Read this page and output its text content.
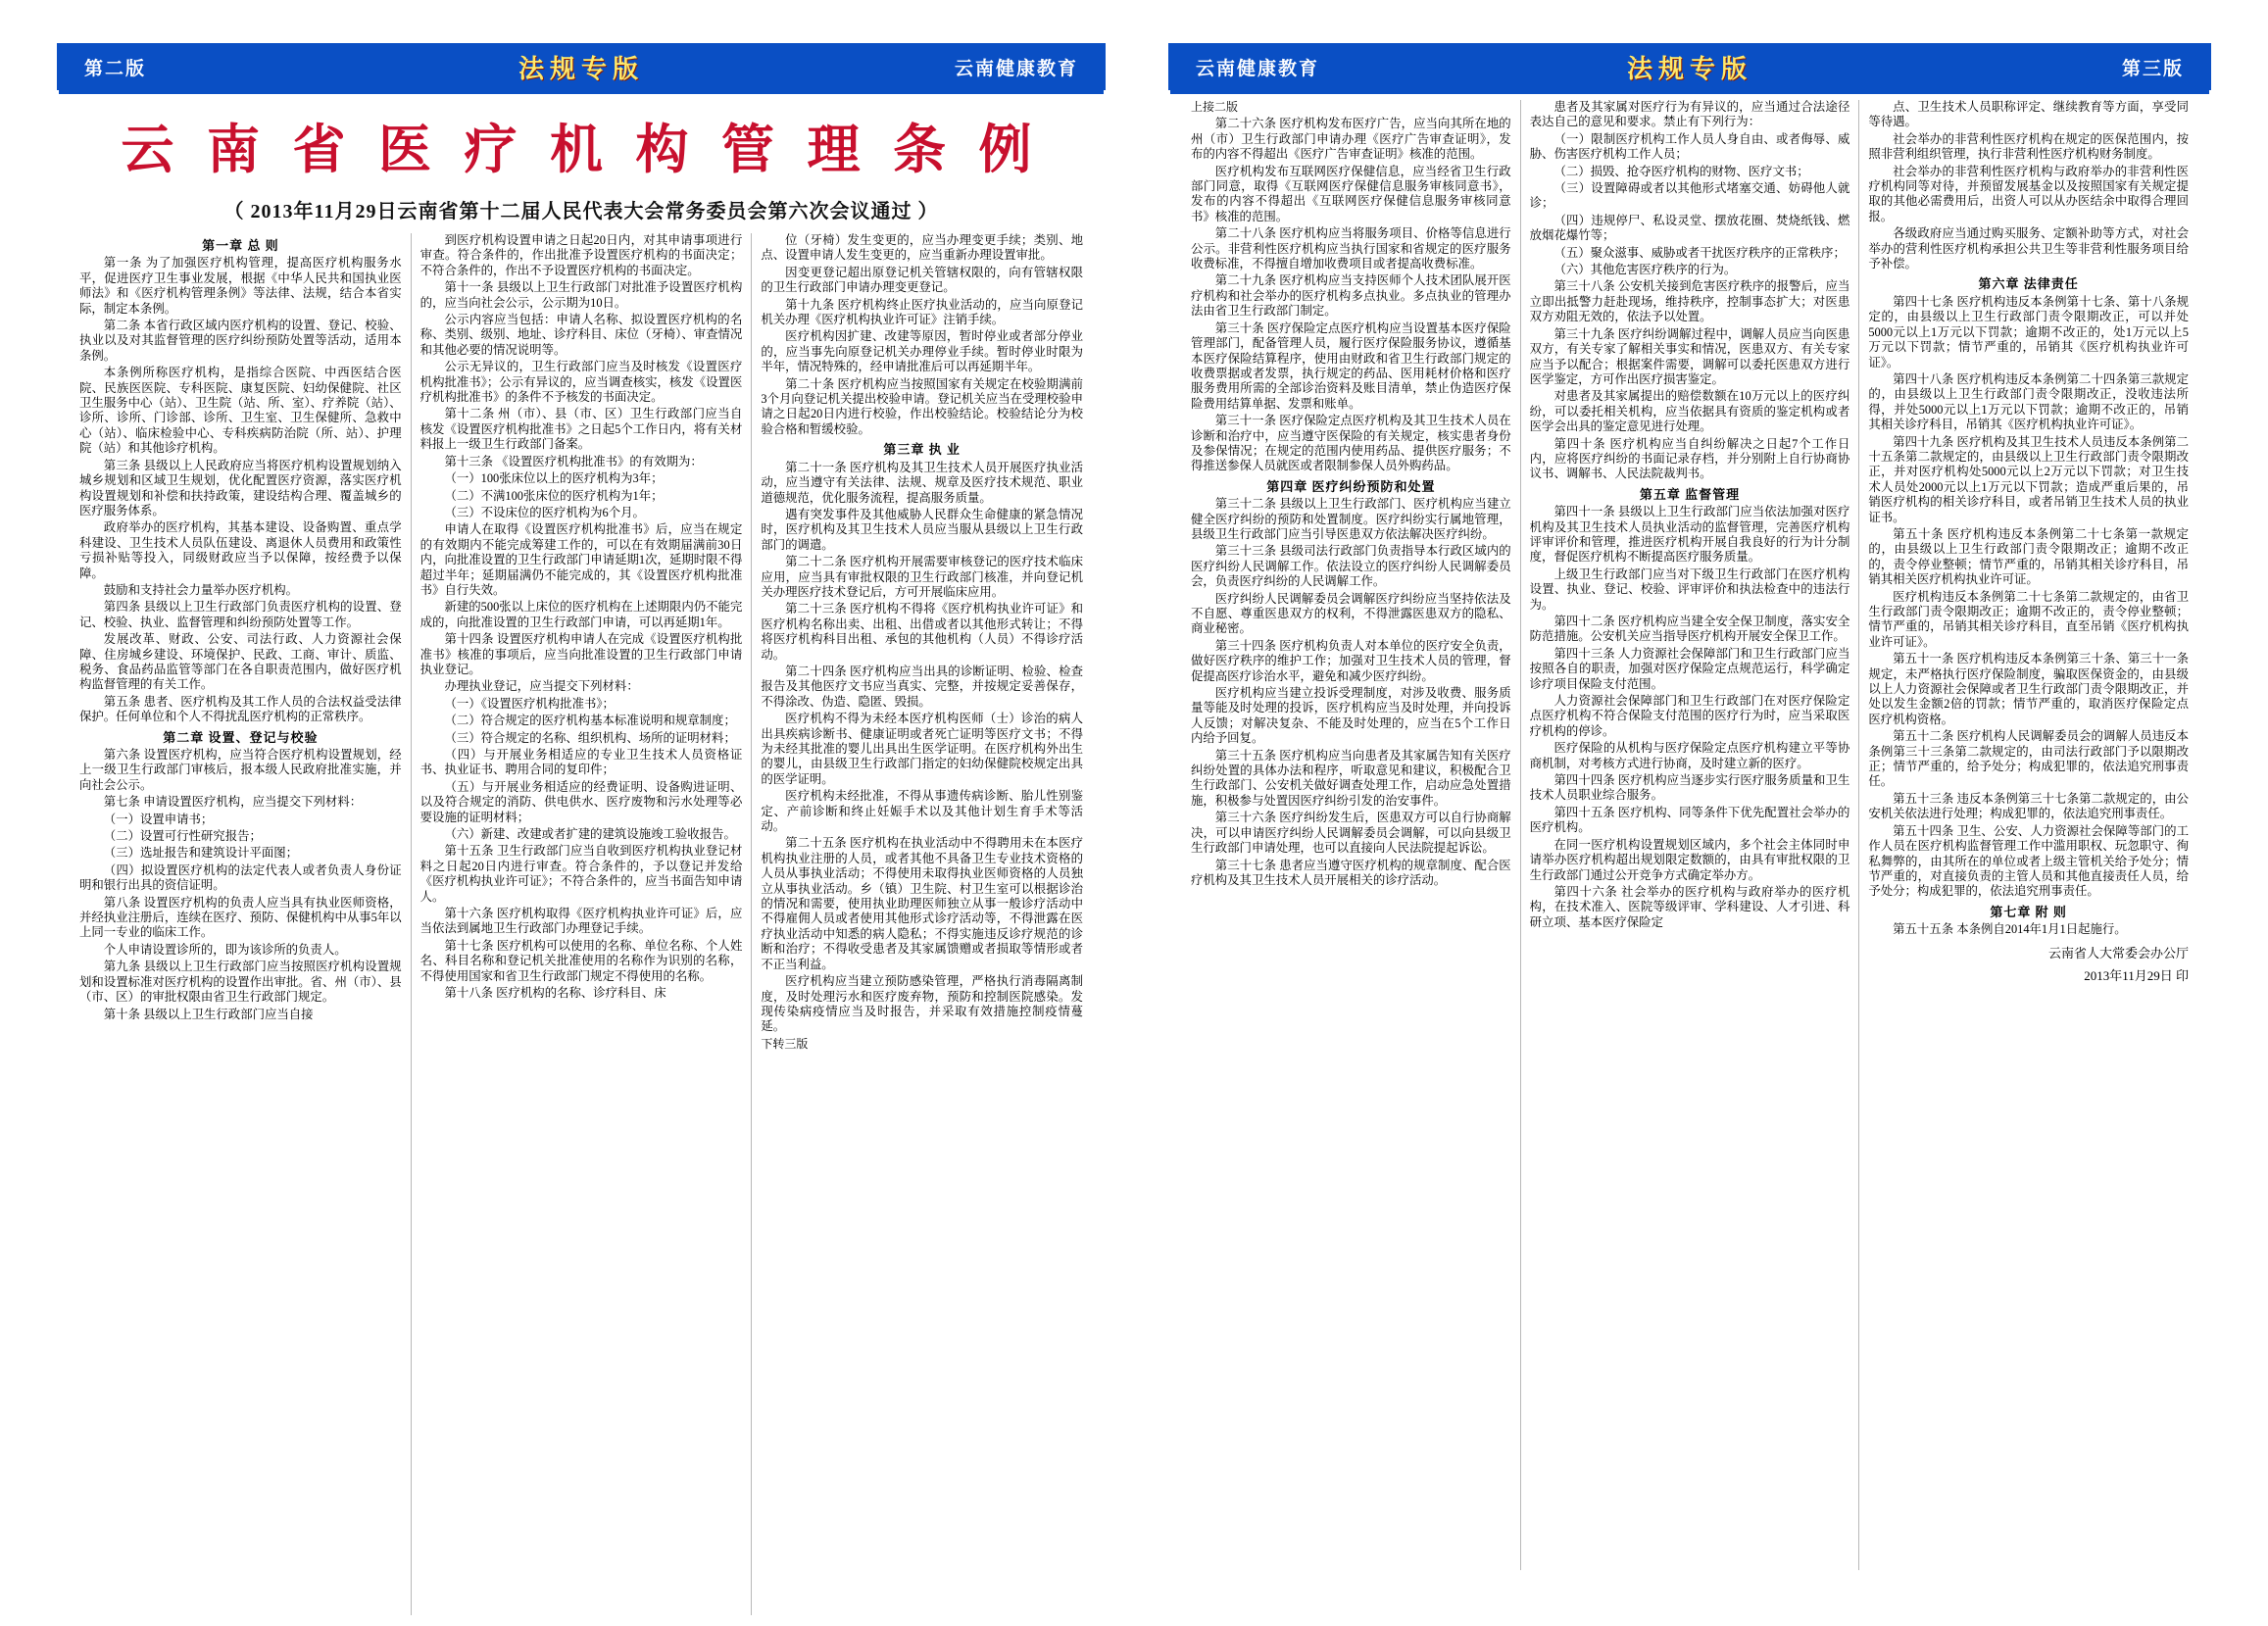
第二版	法规专版	云南健康教育
云 南 省 医 疗 机 构 管 理 条 例
（ 2013年11月29日云南省第十二届人民代表大会常务委员会第六次会议通过 ）

第一章 总 则

第一条 为了加强医疗机构管理，提高医疗机构服务水平，促进医疗卫生事业发展，根据《中华人民共和国执业医师法》和《医疗机构管理条例》等法律、法规，结合本省实际，制定本条例。

第二条 本省行政区域内医疗机构的设置、登记、校验、执业以及对其监督管理的医疗纠纷预防处置等活动，适用本条例。

本条例所称医疗机构，是指综合医院、中西医结合医院、民族医医院、专科医院、康复医院、妇幼保健院、社区卫生服务中心（站）、卫生院（站、所、室）、疗养院（站）、诊所、诊所、门诊部、诊所、卫生室、卫生保健所、急救中心（站）、临床检验中心、专科疾病防治院（所、站）、护理院（站）和其他诊疗机构。

第三条 县级以上人民政府应当将医疗机构设置规划纳入城乡规划和区域卫生规划，优化配置医疗资源，落实医疗机构设置规划和补偿和扶持政策，建设结构合理、覆盖城乡的医疗服务体系。

政府举办的医疗机构，其基本建设、设备购置、重点学科建设、卫生技术人员队伍建设、离退休人员费用和政策性亏损补贴等投入，同级财政应当予以保障，按经费予以保障。

鼓励和支持社会力量举办医疗机构。

第四条 县级以上卫生行政部门负责医疗机构的设置、登记、校验、执业、监督管理和纠纷预防处置等工作。

发展改革、财政、公安、司法行政、人力资源社会保障、住房城乡建设、环境保护、民政、工商、审计、质监、税务、食品药品监管等部门在各自职责范围内，做好医疗机构监督管理的有关工作。

第五条 患者、医疗机构及其工作人员的合法权益受法律保护。任何单位和个人不得扰乱医疗机构的正常秩序。

第二章 设置、登记与校验

第六条 设置医疗机构，应当符合医疗机构设置规划，经上一级卫生行政部门审核后，报本级人民政府批准实施，并向社会公示。

第七条 申请设置医疗机构，应当提交下列材料：

（一）设置申请书；

（二）设置可行性研究报告；

（三）选址报告和建筑设计平面图；

（四）拟设置医疗机构的法定代表人或者负责人身份证明和银行出具的资信证明。

第八条 设置医疗机构的负责人应当具有执业医师资格，并经执业注册后，连续在医疗、预防、保健机构中从事5年以上同一专业的临床工作。

个人申请设置诊所的，即为该诊所的负责人。

第九条 县级以上卫生行政部门应当按照医疗机构设置规划和设置标准对医疗机构的设置作出审批。省、州（市）、县（市、区）的审批权限由省卫生行政部门规定。

第十条 县级以上卫生行政部门应当自接

到医疗机构设置申请之日起20日内，对其申请事项进行审查。符合条件的，作出批准予设置医疗机构的书面决定；不符合条件的，作出不予设置医疗机构的书面决定。

第十一条 县级以上卫生行政部门对批准予设置医疗机构的，应当向社会公示，公示期为10日。

公示内容应当包括：申请人名称、拟设置医疗机构的名称、类别、级别、地址、诊疗科目、床位（牙椅）、审查情况和其他必要的情况说明等。

公示无异议的，卫生行政部门应当及时核发《设置医疗机构批准书》；公示有异议的，应当调查核实，核发《设置医疗机构批准书》的条件不予核发的书面决定。

第十二条 州（市）、县（市、区）卫生行政部门应当自核发《设置医疗机构批准书》之日起5个工作日内，将有关材料报上一级卫生行政部门备案。

第十三条 《设置医疗机构批准书》的有效期为：

（一）100张床位以上的医疗机构为3年；

（二）不满100张床位的医疗机构为1年；

（三）不设床位的医疗机构为6个月。

申请人在取得《设置医疗机构批准书》后，应当在规定的有效期内不能完成筹建工作的，可以在有效期届满前30日内，向批准设置的卫生行政部门申请延期1次，延期时限不得超过半年；延期届满仍不能完成的，其《设置医疗机构批准书》自行失效。

新建的500张以上床位的医疗机构在上述期限内仍不能完成的，向批准设置的卫生行政部门申请，可以再延期1年。

第十四条 设置医疗机构申请人在完成《设置医疗机构批准书》核准的事项后，应当向批准设置的卫生行政部门申请执业登记。

办理执业登记，应当提交下列材料：

（一）《设置医疗机构批准书》；

（二）符合规定的医疗机构基本标准说明和规章制度；

（三）符合规定的名称、组织机构、场所的证明材料；

（四）与开展业务相适应的专业卫生技术人员资格证书、执业证书、聘用合同的复印件；

（五）与开展业务相适应的经费证明、设备购进证明、以及符合规定的消防、供电供水、医疗废物和污水处理等必要设施的证明材料；

（六）新建、改建或者扩建的建筑设施竣工验收报告。

第十五条 卫生行政部门应当自收到医疗机构执业登记材料之日起20日内进行审查。符合条件的，予以登记并发给《医疗机构执业许可证》；不符合条件的，应当书面告知申请人。

第十六条 医疗机构取得《医疗机构执业许可证》后，应当依法到属地卫生行政部门办理登记手续。

第十七条 医疗机构可以使用的名称、单位名称、个人姓名、科目名称和登记机关批准使用的名称作为识别的名称，不得使用国家和省卫生行政部门规定不得使用的名称。

第十八条 医疗机构的名称、诊疗科目、床

位（牙椅）发生变更的，应当办理变更手续；类别、地点、设置申请人发生变更的，应当重新办理设置审批。

因变更登记超出原登记机关管辖权限的，向有管辖权限的卫生行政部门申请办理变更登记。

第十九条 医疗机构终止医疗执业活动的，应当向原登记机关办理《医疗机构执业许可证》注销手续。

医疗机构因扩建、改建等原因，暂时停业或者部分停业的，应当事先向原登记机关办理停业手续。暂时停业时限为半年，情况特殊的，经申请批准后可以再延期半年。

第二十条 医疗机构应当按照国家有关规定在校验期满前3个月向登记机关提出校验申请。登记机关应当在受理校验申请之日起20日内进行校验，作出校验结论。校验结论分为校验合格和暂缓校验。

第三章 执 业

第二十一条 医疗机构及其卫生技术人员开展医疗执业活动，应当遵守有关法律、法规、规章及医疗技术规范、职业道德规范，优化服务流程，提高服务质量。

遇有突发事件及其他威胁人民群众生命健康的紧急情况时，医疗机构及其卫生技术人员应当服从县级以上卫生行政部门的调遣。

第二十二条 医疗机构开展需要审核登记的医疗技术临床应用，应当具有审批权限的卫生行政部门核准，并向登记机关办理医疗技术登记后，方可开展临床应用。

第二十三条 医疗机构不得将《医疗机构执业许可证》和医疗机构名称出卖、出租、出借或者以其他形式转让；不得将医疗机构科目出租、承包的其他机构（人员）不得诊疗活动。

第二十四条 医疗机构应当出具的诊断证明、检验、检查报告及其他医疗文书应当真实、完整，并按规定妥善保存，不得涂改、伪造、隐匿、毁损。

医疗机构不得为未经本医疗机构医师（士）诊治的病人出具疾病诊断书、健康证明或者死亡证明等医疗文书；不得为未经其批准的婴儿出具出生医学证明。在医疗机构外出生的婴儿，由县级卫生行政部门指定的妇幼保健院校规定出具的医学证明。

医疗机构未经批准，不得从事遗传病诊断、胎儿性别鉴定、产前诊断和终止妊娠手术以及其他计划生育手术等活动。

第二十五条 医疗机构在执业活动中不得聘用未在本医疗机构执业注册的人员，或者其他不具备卫生专业技术资格的人员从事执业活动；不得使用未取得执业医师资格的人员独立从事执业活动。乡（镇）卫生院、村卫生室可以根据诊治的情况和需要，使用执业助理医师独立从事一般诊疗活动中不得雇佣人员或者使用其他形式诊疗活动等，不得泄露在医疗执业活动中知悉的病人隐私；不得实施违反诊疗规范的诊断和治疗；不得收受患者及其家属馈赠或者损取等情形或者不正当利益。

医疗机构应当建立预防感染管理，严格执行消毒隔离制度，及时处理污水和医疗废弃物，预防和控制医院感染。发现传染病疫情应当及时报告，并采取有效措施控制疫情蔓延。

下转三版

云南健康教育	法规专版	第三版

上接二版

第二十六条 医疗机构发布医疗广告，应当向其所在地的州（市）卫生行政部门申请办理《医疗广告审查证明》，发布的内容不得超出《医疗广告审查证明》核准的范围。

医疗机构发布互联网医疗保健信息，应当经省卫生行政部门同意，取得《互联网医疗保健信息服务审核同意书》，发布的内容不得超出《互联网医疗保健信息服务审核同意书》核准的范围。

第二十八条 医疗机构应当将服务项目、价格等信息进行公示。非营利性医疗机构应当执行国家和省规定的医疗服务收费标准，不得擅自增加收费项目或者提高收费标准。

第二十九条 医疗机构应当支持医师个人技术团队展开医疗机构和社会举办的医疗机构多点执业。多点执业的管理办法由省卫生行政部门制定。

第三十条 医疗保险定点医疗机构应当设置基本医疗保险管理部门，配备管理人员，履行医疗保险服务协议，遵循基本医疗保险结算程序，使用由财政和省卫生行政部门规定的收费票据或者发票，执行规定的药品、医用耗材价格和医疗服务费用所需的全部诊治资料及账目清单，禁止伪造医疗保险费用结算单据、发票和账单。

第三十一条 医疗保险定点医疗机构及其卫生技术人员在诊断和治疗中，应当遵守医保险的有关规定，核实患者身份及参保情况；在规定的范围内使用药品、提供医疗服务；不得推送参保人员就医或者限制参保人员外购药品。

第四章 医疗纠纷预防和处置

第三十二条 县级以上卫生行政部门、医疗机构应当建立健全医疗纠纷的预防和处置制度。医疗纠纷实行属地管理，县级卫生行政部门应当引导医患双方依法解决医疗纠纷。

第三十三条 县级司法行政部门负责指导本行政区域内的医疗纠纷人民调解工作。依法设立的医疗纠纷人民调解委员会，负责医疗纠纷的人民调解工作。

医疗纠纷人民调解委员会调解医疗纠纷应当坚持依法及不自愿、尊重医患双方的权利，不得泄露医患双方的隐私、商业秘密。

第三十四条 医疗机构负责人对本单位的医疗安全负责，做好医疗秩序的维护工作；加强对卫生技术人员的管理，督促提高医疗诊治水平，避免和减少医疗纠纷。

医疗机构应当建立投诉受理制度，对涉及收费、服务质量等能及时处理的投诉，医疗机构应当及时处理，并向投诉人反馈；对解决复杂、不能及时处理的，应当在5个工作日内给予回复。

第三十五条 医疗机构应当向患者及其家属告知有关医疗纠纷处置的具体办法和程序，听取意见和建议，积极配合卫生行政部门、公安机关做好调查处理工作，启动应急处置措施，积极参与处置因医疗纠纷引发的治安事件。

第三十六条 医疗纠纷发生后，医患双方可以自行协商解决，可以申请医疗纠纷人民调解委员会调解，可以向县级卫生行政部门申请处理，也可以直接向人民法院提起诉讼。

第三十七条 患者应当遵守医疗机构的规章制度、配合医疗机构及其卫生技术人员开展相关的诊疗活动。

患者及其家属对医疗行为有异议的，应当通过合法途径表达自己的意见和要求。禁止有下列行为：

（一）限制医疗机构工作人员人身自由、或者侮辱、威胁、伤害医疗机构工作人员；

（二）损毁、抢夺医疗机构的财物、医疗文书；

（三）设置障碍或者以其他形式堵塞交通、妨碍他人就诊；

（四）违规停尸、私设灵堂、摆放花圈、焚烧纸钱、燃放烟花爆竹等；

（五）聚众滋事、威胁或者干扰医疗秩序的正常秩序；

（六）其他危害医疗秩序的行为。

第三十八条 公安机关接到危害医疗秩序的报警后，应当立即出抵警力赶赴现场，维持秩序，控制事态扩大；对医患双方劝阻无效的，依法予以处置。

第三十九条 医疗纠纷调解过程中，调解人员应当向医患双方，有关专家了解相关事实和情况，医患双方、有关专家应当予以配合；根据案件需要，调解可以委托医患双方进行医学鉴定，方可作出医疗损害鉴定。

对患者及其家属提出的赔偿数额在10万元以上的医疗纠纷，可以委托相关机构，应当依据具有资质的鉴定机构或者医学会出具的鉴定意见进行处理。

第四十条 医疗机构应当自纠纷解决之日起7个工作日内，应将医疗纠纷的书面记录存档，并分别附上自行协商协议书、调解书、人民法院裁判书。

第五章 监督管理

第四十一条 县级以上卫生行政部门应当依法加强对医疗机构及其卫生技术人员执业活动的监督管理，完善医疗机构评审评价和管理，推进医疗机构开展自我良好的行为计分制度，督促医疗机构不断提高医疗服务质量。

上级卫生行政部门应当对下级卫生行政部门在医疗机构设置、执业、登记、校验、评审评价和执法检查中的违法行为。

第四十二条 医疗机构应当建全安全保卫制度，落实安全防范措施。公安机关应当指导医疗机构开展安全保卫工作。

第四十三条 人力资源社会保障部门和卫生行政部门应当按照各自的职责，加强对医疗保险定点规范运行，科学确定诊疗项目保险支付范围。

人力资源社会保障部门和卫生行政部门在对医疗保险定点医疗机构不符合保险支付范围的医疗行为时，应当采取医疗机构的停诊。

医疗保险的从机构与医疗保险定点医疗机构建立平等协商机制，对考核方式进行协商，及时建立新的医疗。

第四十四条 医疗机构应当逐步实行医疗服务质量和卫生技术人员职业综合服务。

第四十五条 医疗机构、同等条件下优先配置社会举办的医疗机构。

在同一医疗机构设置规划区域内，多个社会主体同时申请举办医疗机构超出规划限定数额的，由具有审批权限的卫生行政部门通过公开竞争方式确定举办方。

第四十六条 社会举办的医疗机构与政府举办的医疗机构，在技术准入、医院等级评审、学科建设、人才引进、科研立项、基本医疗保险定

点、卫生技术人员职称评定、继续教育等方面，享受同等待遇。

社会举办的非营利性医疗机构在规定的医保范围内，按照非营利组织管理，执行非营利性医疗机构财务制度。

社会举办的非营利性医疗机构与政府举办的非营利性医疗机构同等对待，并预留发展基金以及按照国家有关规定提取的其他必需费用后，出资人可以从办医结余中取得合理回报。

各级政府应当通过购买服务、定额补助等方式，对社会举办的营利性医疗机构承担公共卫生等非营利性服务项目给予补偿。

第六章 法律责任

第四十七条 医疗机构违反本条例第十七条、第十八条规定的，由县级以上卫生行政部门责令限期改正，可以并处5000元以上1万元以下罚款；逾期不改正的，处1万元以上5万元以下罚款；情节严重的，吊销其《医疗机构执业许可证》。

第四十八条 医疗机构违反本条例第二十四条第三款规定的，由县级以上卫生行政部门责令限期改正，没收违法所得，并处5000元以上1万元以下罚款；逾期不改正的，吊销其相关诊疗科目，吊销其《医疗机构执业许可证》。

第四十九条 医疗机构及其卫生技术人员违反本条例第二十五条第二款规定的，由县级以上卫生行政部门责令限期改正，并对医疗机构处5000元以上2万元以下罚款；对卫生技术人员处2000元以上1万元以下罚款；造成严重后果的，吊销医疗机构的相关诊疗科目，或者吊销卫生技术人员的执业证书。

第五十条 医疗机构违反本条例第二十七条第一款规定的，由县级以上卫生行政部门责令限期改正；逾期不改正的，责令停业整顿；情节严重的，吊销其相关诊疗科目，吊销其相关医疗机构执业许可证。

医疗机构违反本条例第二十七条第二款规定的，由省卫生行政部门责令限期改正；逾期不改正的，责令停业整顿；情节严重的，吊销其相关诊疗科目，直至吊销《医疗机构执业许可证》。

第五十一条 医疗机构违反本条例第三十条、第三十一条规定，未严格执行医疗保险制度，骗取医保资金的，由县级以上人力资源社会保障或者卫生行政部门责令限期改正，并处以发生金额2倍的罚款；情节严重的，取消医疗保险定点医疗机构资格。

第五十二条 医疗机构人民调解委员会的调解人员违反本条例第三十三条第二款规定的，由司法行政部门予以限期改正；情节严重的，给予处分；构成犯罪的，依法追究刑事责任。

第五十三条 违反本条例第三十七条第二款规定的，由公安机关依法进行处理；构成犯罪的，依法追究刑事责任。

第五十四条 卫生、公安、人力资源社会保障等部门的工作人员在医疗机构监督管理工作中滥用职权、玩忽职守、徇私舞弊的，由其所在的单位或者上级主管机关给予处分；情节严重的，对直接负责的主管人员和其他直接责任人员，给予处分；构成犯罪的，依法追究刑事责任。

第七章 附 则

第五十五条 本条例自2014年1月1日起施行。

云南省人大常委会办公厅

2013年11月29日 印
